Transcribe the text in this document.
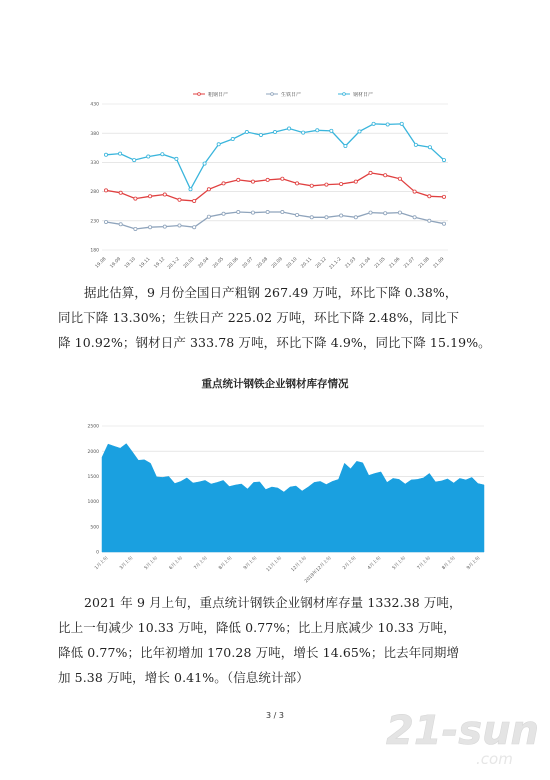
430
380
330
280
230
180
19.08 19.09 19.10 19.11 19.12 20.1-2 20.03 20.04 20.05 20.06 20.07 20.08 20.09 20.10 20.11 20.12 21.1-2 21.03 21.04 21.05 21.06 21.07 21.08 21.09
粗钢日产	生铁日产	钢材日产
据此估算，9 月份全国日产粗钢 267.49 万吨，环比下降 0.38%，
同比下降 13.30%；生铁日产 225.02 万吨，环比下降 2.48%，同比下
降 10.92%；钢材日产 333.78 万吨，环比下降 4.9%，同比下降 15.19%。
重点统计钢铁企业钢材库存情况
2500
2000
1500
1000
500
0
1月上旬	3月上旬	5月上旬	6月上旬	7月上旬	8月上旬	9月上旬	11月上旬	12月上旬
2019年12月上旬	2月上旬	4月上旬	5月上旬	7月上旬	8月上旬	9月上旬
2021 年 9 月上旬，重点统计钢铁企业钢材库存量 1332.38 万吨，
比上一旬减少 10.33 万吨，降低 0.77%；比上月底减少 10.33 万吨，
降低 0.77%；比年初增加 170.28 万吨，增长 14.65%；比去年同期增
加 5.38 万吨，增长 0.41%。（信息统计部）
3 / 3	21-sun
.com
